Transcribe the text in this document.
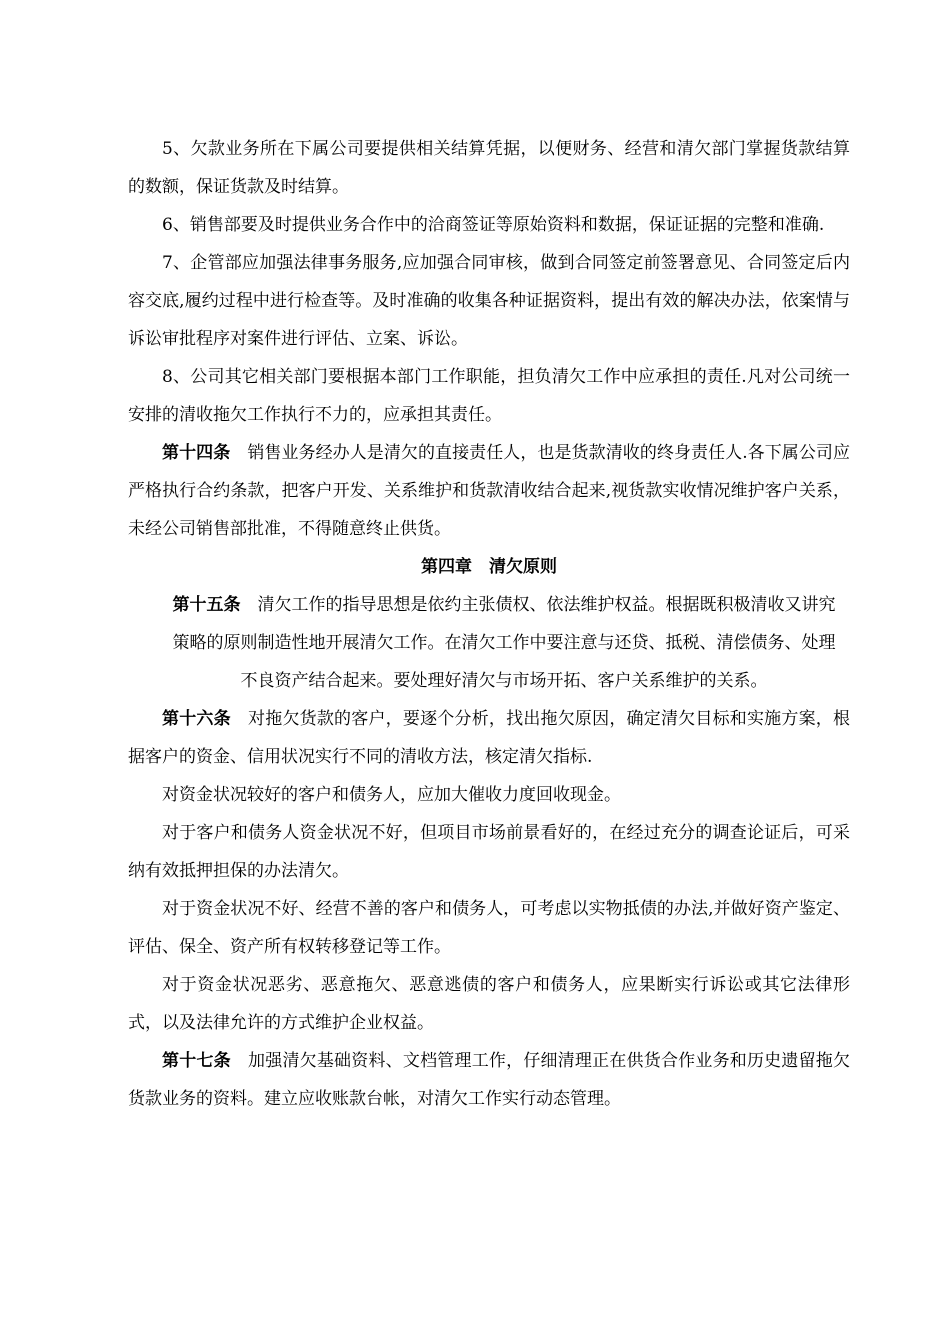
5、欠款业务所在下属公司要提供相关结算凭据，以便财务、经营和清欠部门掌握货款结算的数额，保证货款及时结算。

6、销售部要及时提供业务合作中的洽商签证等原始资料和数据，保证证据的完整和准确.

7、企管部应加强法律事务服务,应加强合同审核，做到合同签定前签署意见、合同签定后内容交底,履约过程中进行检查等。及时准确的收集各种证据资料，提出有效的解决办法，依案情与诉讼审批程序对案件进行评估、立案、诉讼。

8、公司其它相关部门要根据本部门工作职能，担负清欠工作中应承担的责任.凡对公司统一安排的清收拖欠工作执行不力的，应承担其责任。

第十四条 销售业务经办人是清欠的直接责任人，也是货款清收的终身责任人.各下属公司应严格执行合约条款，把客户开发、关系维护和货款清收结合起来,视货款实收情况维护客户关系，未经公司销售部批准，不得随意终止供货。

第四章 清欠原则

第十五条 清欠工作的指导思想是依约主张债权、依法维护权益。根据既积极清收又讲究策略的原则制造性地开展清欠工作。在清欠工作中要注意与还贷、抵税、清偿债务、处理不良资产结合起来。要处理好清欠与市场开拓、客户关系维护的关系。

第十六条 对拖欠货款的客户，要逐个分析，找出拖欠原因，确定清欠目标和实施方案，根据客户的资金、信用状况实行不同的清收方法，核定清欠指标.

对资金状况较好的客户和债务人，应加大催收力度回收现金。

对于客户和债务人资金状况不好，但项目市场前景看好的，在经过充分的调查论证后，可采纳有效抵押担保的办法清欠。

对于资金状况不好、经营不善的客户和债务人，可考虑以实物抵债的办法,并做好资产鉴定、评估、保全、资产所有权转移登记等工作。

对于资金状况恶劣、恶意拖欠、恶意逃债的客户和债务人，应果断实行诉讼或其它法律形式，以及法律允许的方式维护企业权益。

第十七条 加强清欠基础资料、文档管理工作，仔细清理正在供货合作业务和历史遗留拖欠货款业务的资料。建立应收账款台帐，对清欠工作实行动态管理。
